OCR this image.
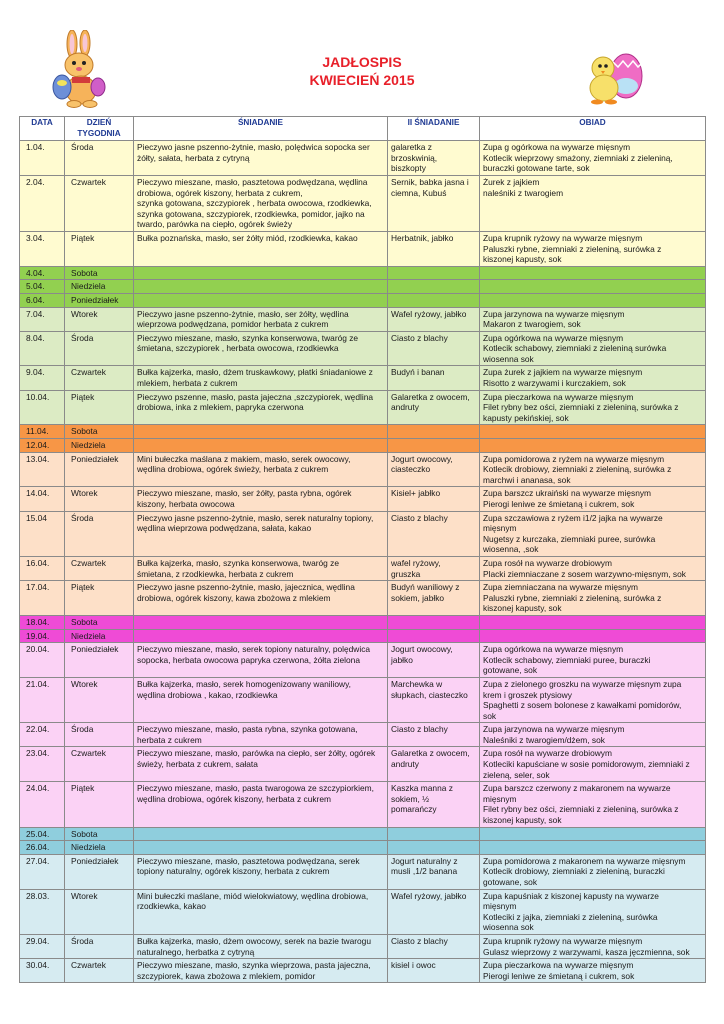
JADŁOSPIS
KWIECIEŃ 2015
DATA	DZIEŃ TYGODNIA	ŚNIADANIE	II ŚNIADANIE	OBIAD
1.04.	Środa	Pieczywo jasne pszenno-żytnie, masło, polędwica sopocka ser
żółty, sałata, herbata z cytryną	galaretka z
brzoskwinią,
biszkopty	Zupa g ogórkowa na wywarze mięsnym
Kotlecik wieprzowy smażony, ziemniaki z zieleniną,
buraczki gotowane tarte, sok

2.04.	Czwartek	Pieczywo mieszane, masło, pasztetowa podwędzana, wędlina
drobiowa, ogórek kiszony, herbata z cukrem,
szynka gotowana, szczypiorek , herbata owocowa, rzodkiewka,
szynka gotowana, szczypiorek, rzodkiewka, pomidor, jajko na
twardo, parówka na ciepło, ogórek świeży	Sernik, babka jasna i
ciemna, Kubuś	Żurek z jajkiem
naleśniki z twarogiem

3.04.	Piątek	Bułka poznańska, masło, ser żółty miód, rzodkiewka, kakao	Herbatnik, jabłko	Zupa krupnik ryżowy na wywarze mięsnym
Paluszki rybne, ziemniaki z zieleniną, surówka z
kiszonej kapusty, sok

4.04.	Sobota			
5.04.	Niedziela			
6.04.	Poniedziałek			
7.04.	Wtorek	Pieczywo jasne pszenno-żytnie, masło, ser żółty, wędlina
wieprzowa podwędzana, pomidor herbata z cukrem	Wafel ryżowy, jabłko	Zupa jarzynowa na wywarze mięsnym
Makaron z twarogiem, sok

8.04.	Środa	Pieczywo mieszane, masło, szynka konserwowa, twaróg ze
śmietana, szczypiorek , herbata owocowa, rzodkiewka	Ciasto z blachy	Zupa ogórkowa na wywarze mięsnym
Kotlecik schabowy, ziemniaki z zieleniną surówka
wiosenna sok

9.04.	Czwartek	Bułka kajzerka, masło, dżem truskawkowy, płatki śniadaniowe z
mlekiem, herbata z cukrem	Budyń i banan	Zupa żurek z jajkiem na wywarze mięsnym
Risotto z warzywami i kurczakiem, sok

10.04.	Piątek	Pieczywo pszenne, masło, pasta jajeczna ,szczypiorek, wędlina
drobiowa, inka z mlekiem, papryka czerwona	Galaretka z owocem,
andruty	Zupa pieczarkowa na wywarze mięsnym
Filet rybny bez ości, ziemniaki z zieleniną, surówka z
kapusty pekińskiej, sok

11.04.	Sobota			
12.04.	Niedziela			
13.04.	Poniedziałek	Mini bułeczka maślana z makiem, masło, serek owocowy,
wędlina drobiowa, ogórek świeży, herbata z cukrem	Jogurt owocowy,
ciasteczko	Zupa pomidorowa z ryżem na wywarze mięsnym
Kotlecik drobiowy, ziemniaki z zieleniną, surówka z
marchwi i ananasa, sok

14.04.	Wtorek	Pieczywo mieszane, masło, ser żółty, pasta rybna, ogórek
kiszony, herbata owocowa	Kisiel+ jabłko	Zupa barszcz ukraiński na wywarze mięsnym
Pierogi leniwe ze śmietaną i cukrem, sok

15.04	Środa	Pieczywo jasne pszenno-żytnie, masło, serek naturalny topiony,
wędlina wieprzowa podwędzana, sałata, kakao	Ciasto z blachy	Zupa szczawiowa z ryżem i1/2 jajka na wywarze
mięsnym
Nugetsy z kurczaka, ziemniaki puree, surówka
wiosenna, ,sok

16.04.	Czwartek	Bułka kajzerka, masło, szynka konserwowa, twaróg ze
śmietana, z rzodkiewka, herbata z cukrem	wafel ryżowy,
gruszka	Zupa rosół na wywarze drobiowym
Placki ziemniaczane z sosem warzywno-mięsnym, sok

17.04.	Piątek	Pieczywo jasne pszenno-żytnie, masło, jajecznica, wędlina
drobiowa, ogórek kiszony, kawa zbożowa z mlekiem	Budyń waniliowy z
sokiem, jabłko	Zupa ziemniaczana na wywarze mięsnym
Paluszki rybne, ziemniaki z zieleniną, surówka z
kiszonej kapusty, sok

18.04.	Sobota			
19.04.	Niedziela			
20.04.	Poniedziałek	Pieczywo mieszane, masło, serek topiony naturalny, polędwica
sopocka, herbata owocowa papryka czerwona, żółta zielona	Jogurt owocowy,
jabłko	Zupa ogórkowa na wywarze mięsnym
Kotlecik schabowy, ziemniaki puree, buraczki
gotowane, sok

21.04.	Wtorek	Bułka kajzerka, masło, serek homogenizowany waniliowy,
wędlina drobiowa , kakao, rzodkiewka	Marchewka w
słupkach, ciasteczko	Zupa z zielonego groszku na wywarze mięsnym zupa
krem i groszek ptysiowy
Spaghetti z sosem bolonese z kawałkami pomidorów,
sok

22.04.	Środa	Pieczywo mieszane, masło, pasta rybna, szynka gotowana,
herbata z cukrem	Ciasto z blachy	Zupa jarzynowa na wywarze mięsnym
Naleśniki z twarogiem/dżem, sok

23.04.	Czwartek	Pieczywo mieszane, masło, parówka na ciepło, ser żółty, ogórek
świeży, herbata z cukrem, sałata	Galaretka z owocem,
andruty	Zupa rosół na wywarze drobiowym
Kotleciki kapuściane w sosie pomidorowym, ziemniaki z
zieleną, seler, sok

24.04.	Piątek	Pieczywo mieszane, masło, pasta twarogowa ze szczypiorkiem,
wędlina drobiowa, ogórek kiszony, herbata z cukrem	Kaszka manna z
sokiem, ½
pomarańczy	Zupa barszcz czerwony z makaronem na wywarze
mięsnym
Filet rybny bez ości, ziemniaki z zieleniną, surówka z
kiszonej kapusty, sok

25.04.	Sobota			
26.04.	Niedziela			
27.04.	Poniedziałek	Pieczywo mieszane, masło, pasztetowa podwędzana, serek
topiony naturalny, ogórek kiszony, herbata z cukrem	Jogurt naturalny z
musli ,1/2 banana	Zupa pomidorowa z makaronem na wywarze mięsnym
Kotlecik drobiowy, ziemniaki z zieleniną, buraczki
gotowane, sok

28.03.	Wtorek	Mini bułeczki maślane, miód wielokwiatowy, wędlina drobiowa,
rzodkiewka, kakao	Wafel ryżowy, jabłko	Zupa kapuśniak z kiszonej kapusty na wywarze
mięsnym
Kotleciki z jajka, ziemniaki z zieleniną, surówka
wiosenna sok

29.04.	Środa	Bułka kajzerka, masło, dżem owocowy, serek na bazie twarogu
naturalnego, herbatka z cytryną	Ciasto z blachy	Zupa krupnik ryżowy na wywarze mięsnym
Gulasz wieprzowy z warzywami, kasza jęczmienna, sok

30.04.	Czwartek	Pieczywo mieszane, masło, szynka wieprzowa, pasta jajeczna,
szczypiorek, kawa zbożowa z mlekiem, pomidor	kisiel i owoc	Zupa pieczarkowa na wywarze mięsnym
Pierogi leniwe ze śmietaną i cukrem, sok
